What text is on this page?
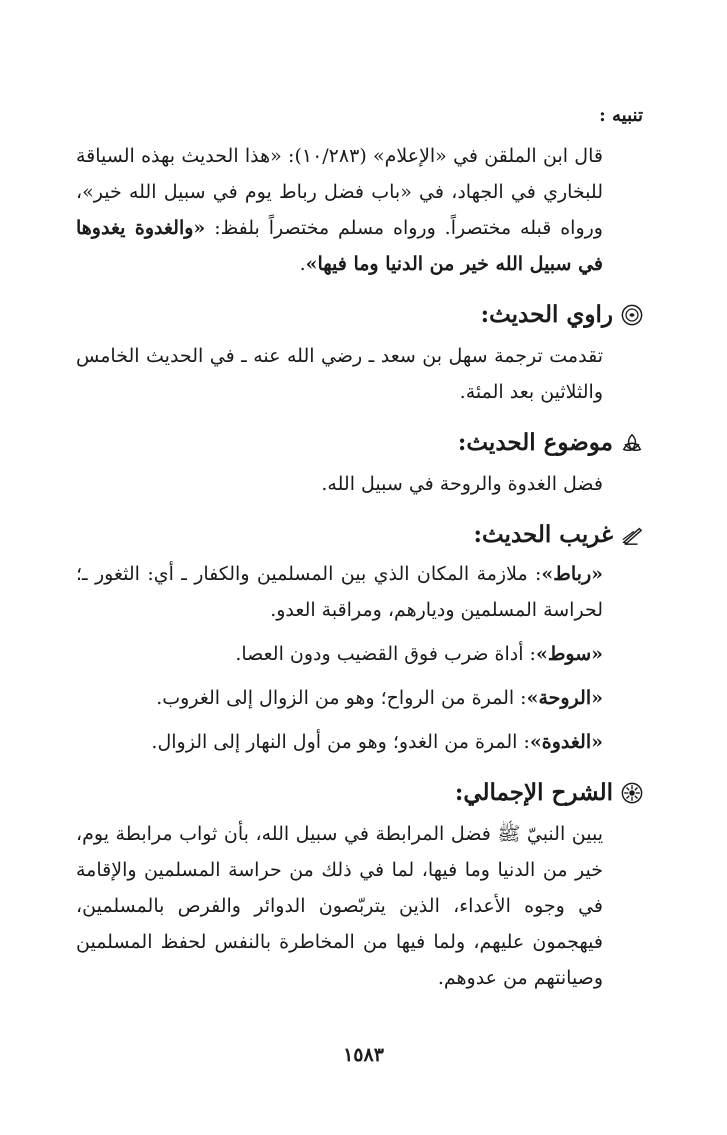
تنبيه :
قال ابن الملقن في «الإعلام» (١٠/٢٨٣): «هذا الحديث بهذه السياقة للبخاري في الجهاد، في «باب فضل رباط يوم في سبيل الله خير»، ورواه قبله مختصراً. ورواه مسلم مختصراً بلفظ: «والغدوة يغدوها في سبيل الله خير من الدنيا وما فيها».
راوي الحديث:
تقدمت ترجمة سهل بن سعد ـ رضي الله عنه ـ في الحديث الخامس والثلاثين بعد المئة.
موضوع الحديث:
فضل الغدوة والروحة في سبيل الله.
غريب الحديث:
«رباط»: ملازمة المكان الذي بين المسلمين والكفار ـ أي: الثغور ـ؛ لحراسة المسلمين وديارهم، ومراقبة العدو.
«سوط»: أداة ضرب فوق القضيب ودون العصا.
«الروحة»: المرة من الرواح؛ وهو من الزوال إلى الغروب.
«الغدوة»: المرة من الغدو؛ وهو من أول النهار إلى الزوال.
الشرح الإجمالي:
يبين النبيّ ﷺ فضل المرابطة في سبيل الله، بأن ثواب مرابطة يوم، خير من الدنيا وما فيها، لما في ذلك من حراسة المسلمين والإقامة في وجوه الأعداء، الذين يتربّصون الدوائر والفرص بالمسلمين، فيهجمون عليهم، ولما فيها من المخاطرة بالنفس لحفظ المسلمين وصيانتهم من عدوهم.
١٥٨٣
